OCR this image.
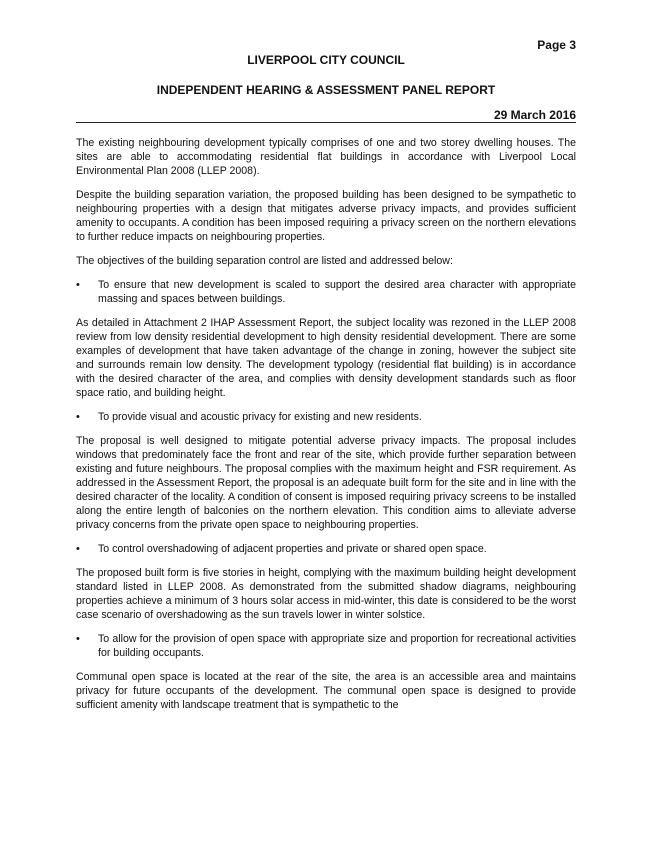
Page 3
LIVERPOOL CITY COUNCIL
INDEPENDENT HEARING & ASSESSMENT PANEL REPORT
29 March 2016

The existing neighbouring development typically comprises of one and two storey dwelling houses. The sites are able to accommodating residential flat buildings in accordance with Liverpool Local Environmental Plan 2008 (LLEP 2008).

Despite the building separation variation, the proposed building has been designed to be sympathetic to neighbouring properties with a design that mitigates adverse privacy impacts, and provides sufficient amenity to occupants. A condition has been imposed requiring a privacy screen on the northern elevations to further reduce impacts on neighbouring properties.

The objectives of the building separation control are listed and addressed below:

•	To ensure that new development is scaled to support the desired area character with appropriate massing and spaces between buildings.

As detailed in Attachment 2 IHAP Assessment Report, the subject locality was rezoned in the LLEP 2008 review from low density residential development to high density residential development. There are some examples of development that have taken advantage of the change in zoning, however the subject site and surrounds remain low density. The development typology (residential flat building) is in accordance with the desired character of the area, and complies with density development standards such as floor space ratio, and building height.

•	To provide visual and acoustic privacy for existing and new residents.

The proposal is well designed to mitigate potential adverse privacy impacts. The proposal includes windows that predominately face the front and rear of the site, which provide further separation between existing and future neighbours. The proposal complies with the maximum height and FSR requirement. As addressed in the Assessment Report, the proposal is an adequate built form for the site and in line with the desired character of the locality. A condition of consent is imposed requiring privacy screens to be installed along the entire length of balconies on the northern elevation. This condition aims to alleviate adverse privacy concerns from the private open space to neighbouring properties.

•	To control overshadowing of adjacent properties and private or shared open space.

The proposed built form is five stories in height, complying with the maximum building height development standard listed in LLEP 2008. As demonstrated from the submitted shadow diagrams, neighbouring properties achieve a minimum of 3 hours solar access in mid-winter, this date is considered to be the worst case scenario of overshadowing as the sun travels lower in winter solstice.

•	To allow for the provision of open space with appropriate size and proportion for recreational activities for building occupants.

Communal open space is located at the rear of the site, the area is an accessible area and maintains privacy for future occupants of the development. The communal open space is designed to provide sufficient amenity with landscape treatment that is sympathetic to the
